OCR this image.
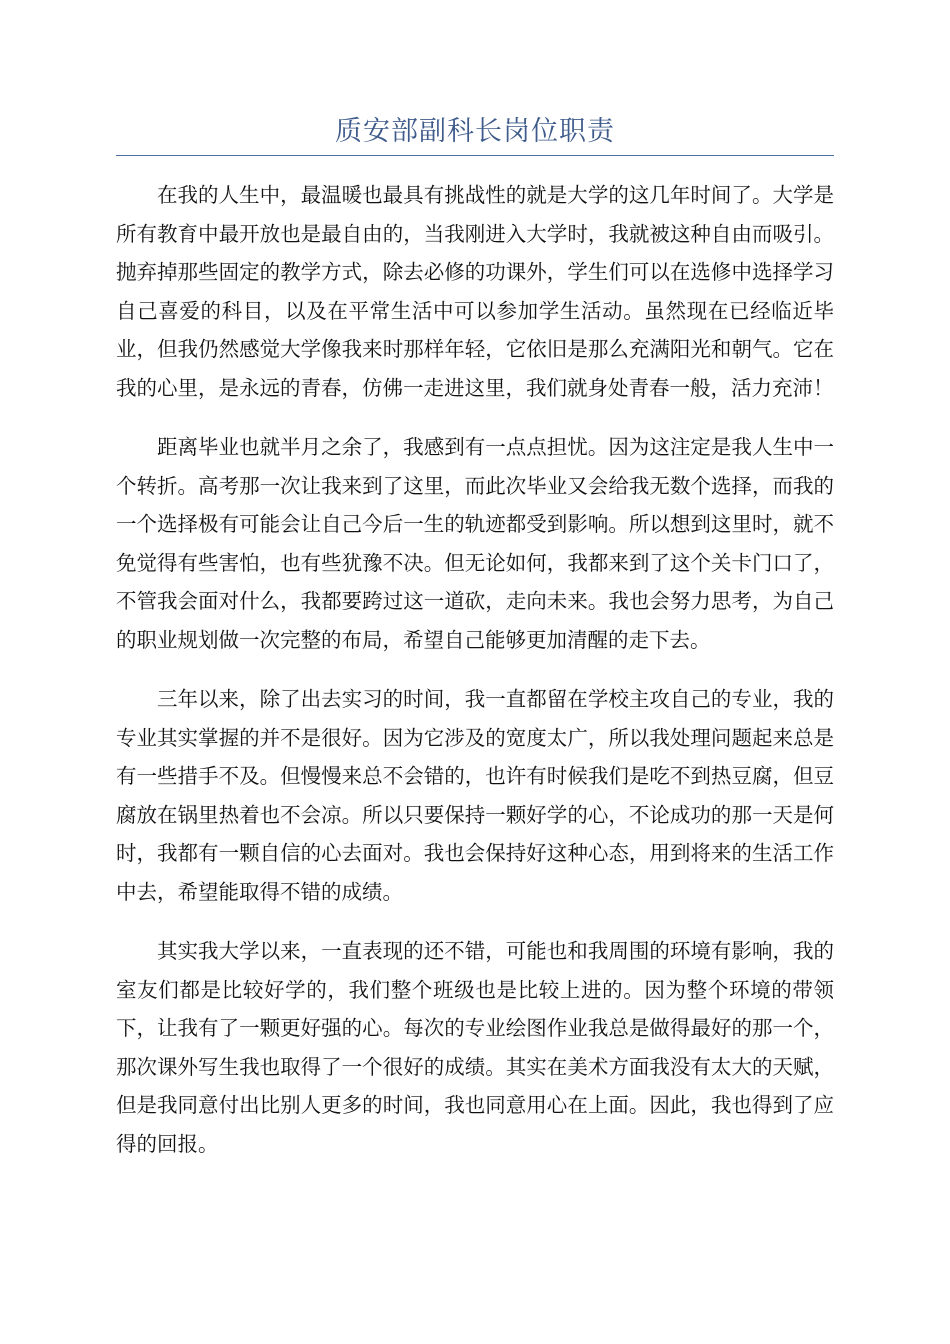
质安部副科长岗位职责

在我的人生中，最温暖也最具有挑战性的就是大学的这几年时间了。大学是所有教育中最开放也是最自由的，当我刚进入大学时，我就被这种自由而吸引。抛弃掉那些固定的教学方式，除去必修的功课外，学生们可以在选修中选择学习自己喜爱的科目，以及在平常生活中可以参加学生活动。虽然现在已经临近毕业，但我仍然感觉大学像我来时那样年轻，它依旧是那么充满阳光和朝气。它在我的心里，是永远的青春，仿佛一走进这里，我们就身处青春一般，活力充沛！

距离毕业也就半月之余了，我感到有一点点担忧。因为这注定是我人生中一个转折。高考那一次让我来到了这里，而此次毕业又会给我无数个选择，而我的一个选择极有可能会让自己今后一生的轨迹都受到影响。所以想到这里时，就不免觉得有些害怕，也有些犹豫不决。但无论如何，我都来到了这个关卡门口了，不管我会面对什么，我都要跨过这一道砍，走向未来。我也会努力思考，为自己的职业规划做一次完整的布局，希望自己能够更加清醒的走下去。

三年以来，除了出去实习的时间，我一直都留在学校主攻自己的专业，我的专业其实掌握的并不是很好。因为它涉及的宽度太广，所以我处理问题起来总是有一些措手不及。但慢慢来总不会错的，也许有时候我们是吃不到热豆腐，但豆腐放在锅里热着也不会凉。所以只要保持一颗好学的心，不论成功的那一天是何时，我都有一颗自信的心去面对。我也会保持好这种心态，用到将来的生活工作中去，希望能取得不错的成绩。

其实我大学以来，一直表现的还不错，可能也和我周围的环境有影响，我的室友们都是比较好学的，我们整个班级也是比较上进的。因为整个环境的带领下，让我有了一颗更好强的心。每次的专业绘图作业我总是做得最好的那一个，那次课外写生我也取得了一个很好的成绩。其实在美术方面我没有太大的天赋，但是我同意付出比别人更多的时间，我也同意用心在上面。因此，我也得到了应得的回报。
